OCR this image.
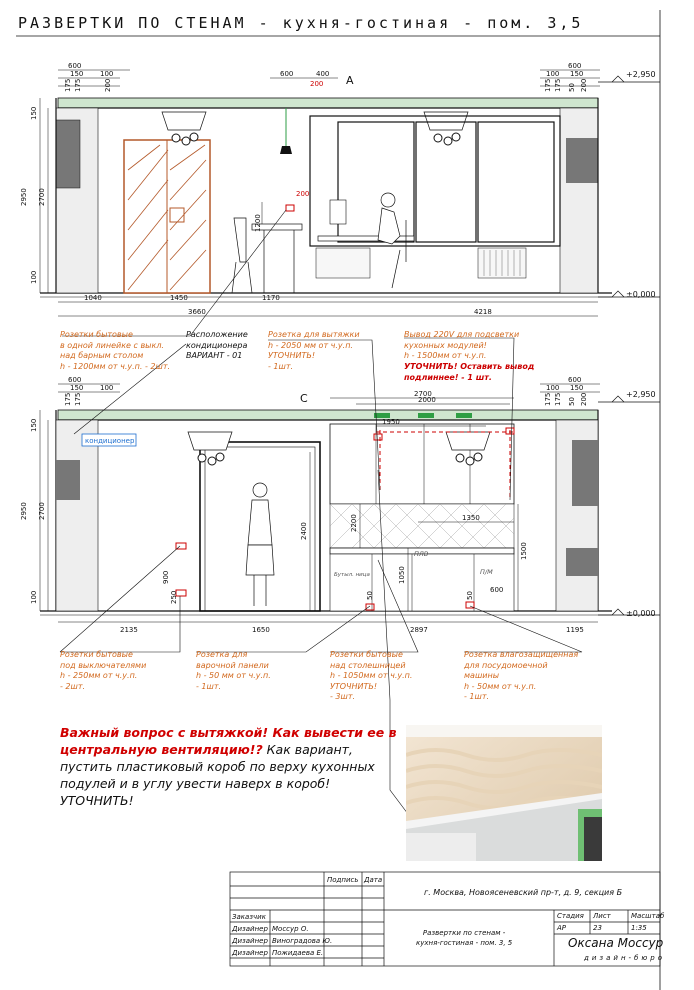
РАЗВЕРТКИ ПО СТЕНАМ - кухня-гостиная - пом. 3,5
600
150 100
175 175	200
600	400
200
600
150
100
175 175 50 200
150
2950 2700
100
1040	1450	1170
4218
3660
1200
200
A	+2,950
±0,000
+2,950
±0,000
кондиционер
ПЛВ
П/М
Бутыл. ница
600
150 100
175 175	2700
2000
1950
600
150
100
175 175 50 200
150
2950 2700
100
2135	1650	2897	1195
2400	2200
1050
1500
1350
900
250
600
50	50
C
Розетки бытовые
в одной линейке с выкл.
над барным столом
h - 1200мм от ч.у.п. - 2шт.
Расположение
кондиционера
ВАРИАНТ - 01
Розетка для вытяжки
h - 2050 мм от ч.у.п.
УТОЧНИТЬ!
- 1шт.
Вывод 220V для подсветки
кухонных модулей!
h - 1500мм от ч.у.п.
УТОЧНИТЬ! Оставить вывод
подлиннее! - 1 шт.
Розетки бытовые
под выключателями
h - 250мм от ч.у.п.
- 2шт.
Розетка для
варочной панели
h - 50 мм от ч.у.п.
- 1шт.
Розетки бытовые
над столешницей
h - 1050мм от ч.у.п.
УТОЧНИТЬ!
- 3шт.
Розетка влагозащищенная
для посудомоечной
машины
h - 50мм от ч.у.п.
- 1шт.
Важный вопрос с вытяжкой! Как вывести ее в центральную вентиляцию!? Как вариант, пустить пластиковый короб по верху кухонных подулей и в углу увести наверх в короб! УТОЧНИТЬ!
Подпись Дата
г. Москва, Новоясеневский пр-т, д. 9, секция Б
Заказчик
Дизайнер Моссур О.
Дизайнер Виноградова Ю.
Дизайнер Пожидаева Е.
Развертки по стенам -
кухня-гостиная - пом. 3, 5
Стадия Лист	Масштаб
АР	23	1:35
Оксана Моссур
дизайн-бюро
